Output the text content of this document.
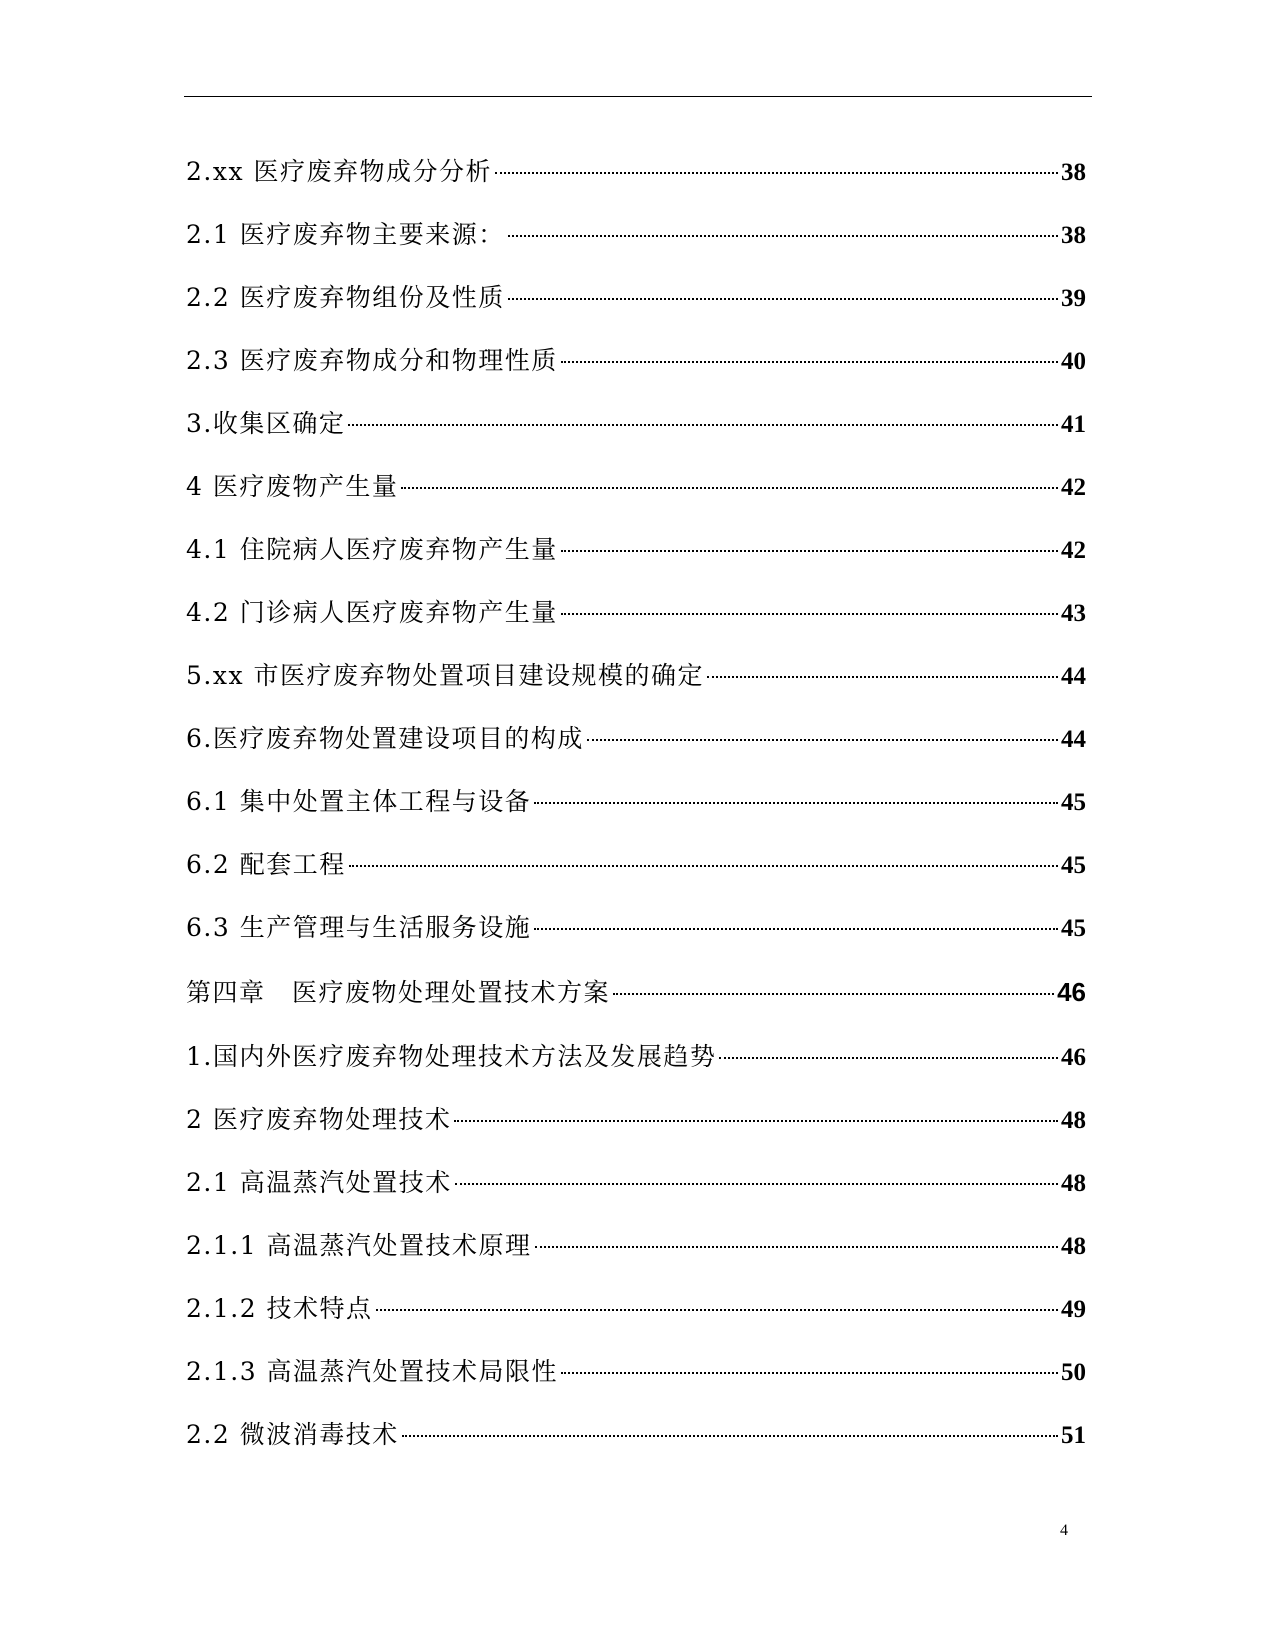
2.xx 医疗废弃物成分分析	38
2.1 医疗废弃物主要来源：	38
2.2 医疗废弃物组份及性质	39
2.3 医疗废弃物成分和物理性质	40
3.收集区确定	41
4 医疗废物产生量	42
4.1 住院病人医疗废弃物产生量	42
4.2 门诊病人医疗废弃物产生量	43
5.xx 市医疗废弃物处置项目建设规模的确定	44
6.医疗废弃物处置建设项目的构成	44
6.1 集中处置主体工程与设备	45
6.2 配套工程	45
6.3 生产管理与生活服务设施	45
第四章　医疗废物处理处置技术方案	46
1.国内外医疗废弃物处理技术方法及发展趋势	46
2 医疗废弃物处理技术	48
2.1 高温蒸汽处置技术	48
2.1.1 高温蒸汽处置技术原理	48
2.1.2 技术特点	49
2.1.3 高温蒸汽处置技术局限性	50
2.2 微波消毒技术	51
4
